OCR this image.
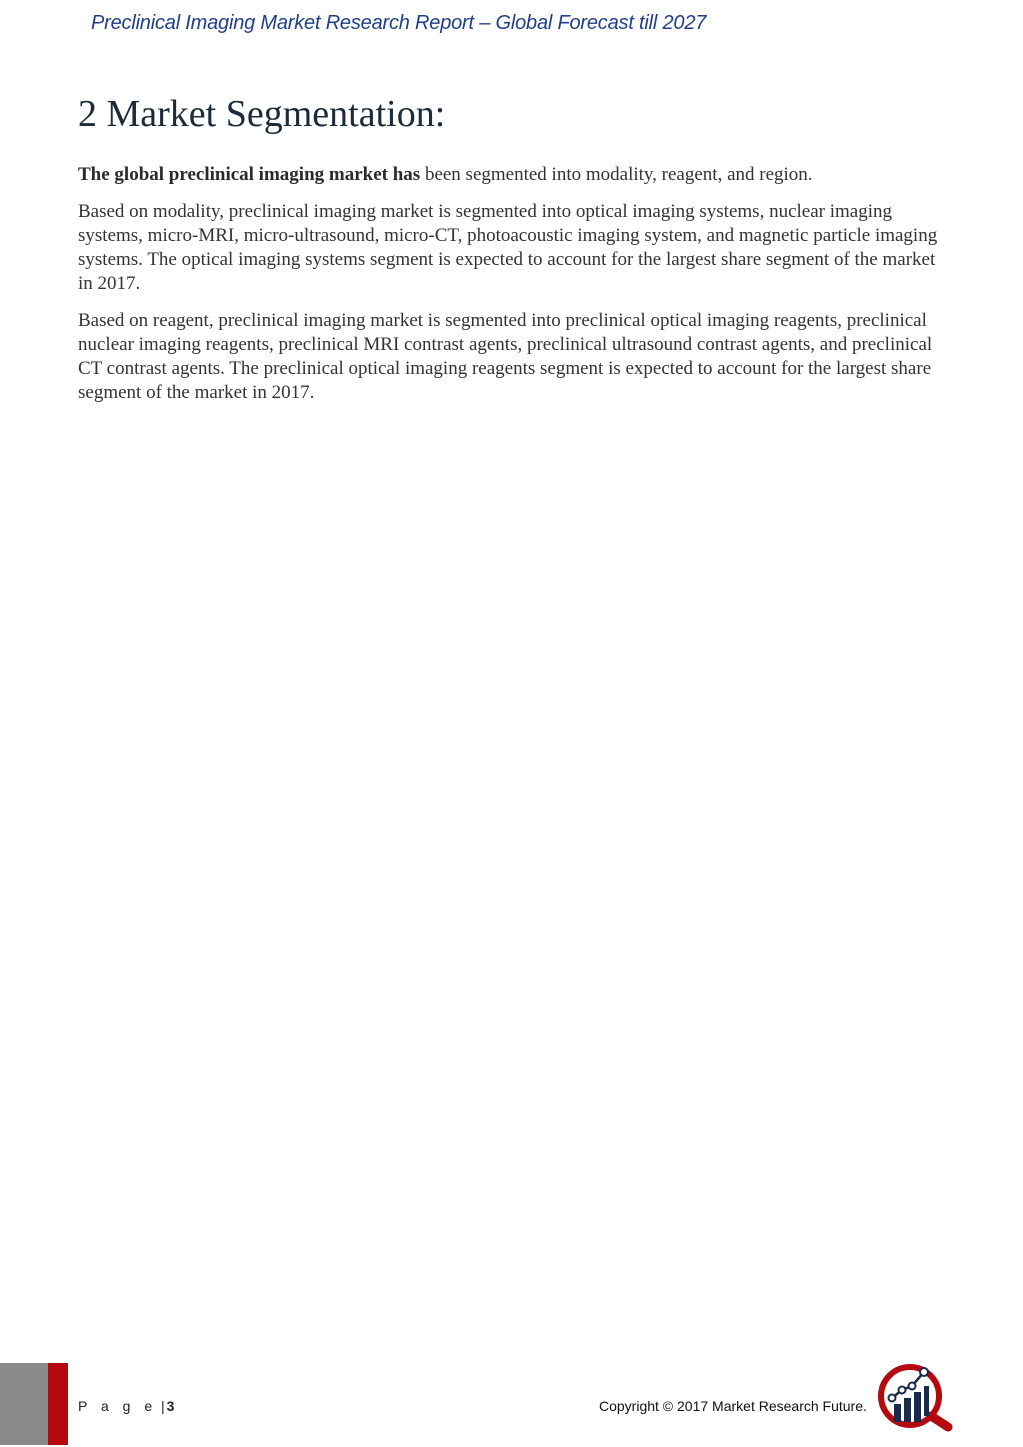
Preclinical Imaging Market Research Report – Global Forecast till 2027
2 Market Segmentation:

The global preclinical imaging market has been segmented into modality, reagent, and region.

Based on modality, preclinical imaging market is segmented into optical imaging systems, nuclear imaging systems, micro-MRI, micro-ultrasound, micro-CT, photoacoustic imaging system, and magnetic particle imaging systems. The optical imaging systems segment is expected to account for the largest share segment of the market in 2017.

Based on reagent, preclinical imaging market is segmented into preclinical optical imaging reagents, preclinical nuclear imaging reagents, preclinical MRI contrast agents, preclinical ultrasound contrast agents, and preclinical CT contrast agents. The preclinical optical imaging reagents segment is expected to account for the largest share segment of the market in 2017.

P a g e | 3	Copyright © 2017 Market Research Future.
